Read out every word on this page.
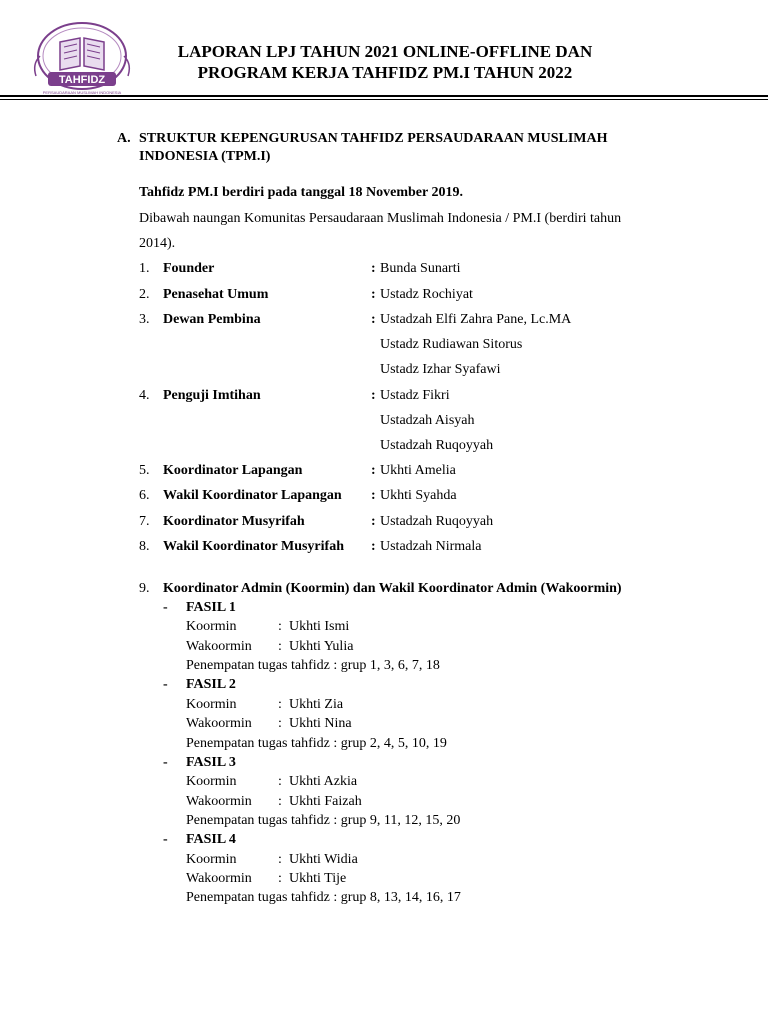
TAHFIDZ
PERSAUDARAAN MUSLIMAH INDONESIA
LAPORAN LPJ TAHUN 2021 ONLINE-OFFLINE DAN
PROGRAM KERJA TAHFIDZ PM.I TAHUN 2022
A. STRUKTUR KEPENGURUSAN TAHFIDZ PERSAUDARAAN MUSLIMAH
INDONESIA (TPM.I)
Tahfidz PM.I berdiri pada tanggal 18 November 2019.
Dibawah naungan Komunitas Persaudaraan Muslimah Indonesia / PM.I (berdiri tahun
2014).
1. Founder	: Bunda Sunarti
2. Penasehat Umum	: Ustadz Rochiyat
3. Dewan Pembina	: Ustadzah Elfi Zahra Pane, Lc.MA
Ustadz Rudiawan Sitorus
Ustadz Izhar Syafawi
4. Penguji Imtihan	: Ustadz Fikri
Ustadzah Aisyah
Ustadzah Ruqoyyah
5. Koordinator Lapangan	: Ukhti Amelia
6. Wakil Koordinator Lapangan : Ukhti Syahda
7. Koordinator Musyrifah	: Ustadzah Ruqoyyah
8. Wakil Koordinator Musyrifah : Ustadzah Nirmala
9. Koordinator Admin (Koormin) dan Wakil Koordinator Admin (Wakoormin)
- FASIL 1
Koormin	: Ukhti Ismi
Wakoormin : Ukhti Yulia
Penempatan tugas tahfidz : grup 1, 3, 6, 7, 18
- FASIL 2
Koormin	: Ukhti Zia
Wakoormin : Ukhti Nina
Penempatan tugas tahfidz : grup 2, 4, 5, 10, 19
- FASIL 3
Koormin	: Ukhti Azkia
Wakoormin : Ukhti Faizah
Penempatan tugas tahfidz : grup 9, 11, 12, 15, 20
- FASIL 4
Koormin	: Ukhti Widia
Wakoormin : Ukhti Tije
Penempatan tugas tahfidz : grup 8, 13, 14, 16, 17
